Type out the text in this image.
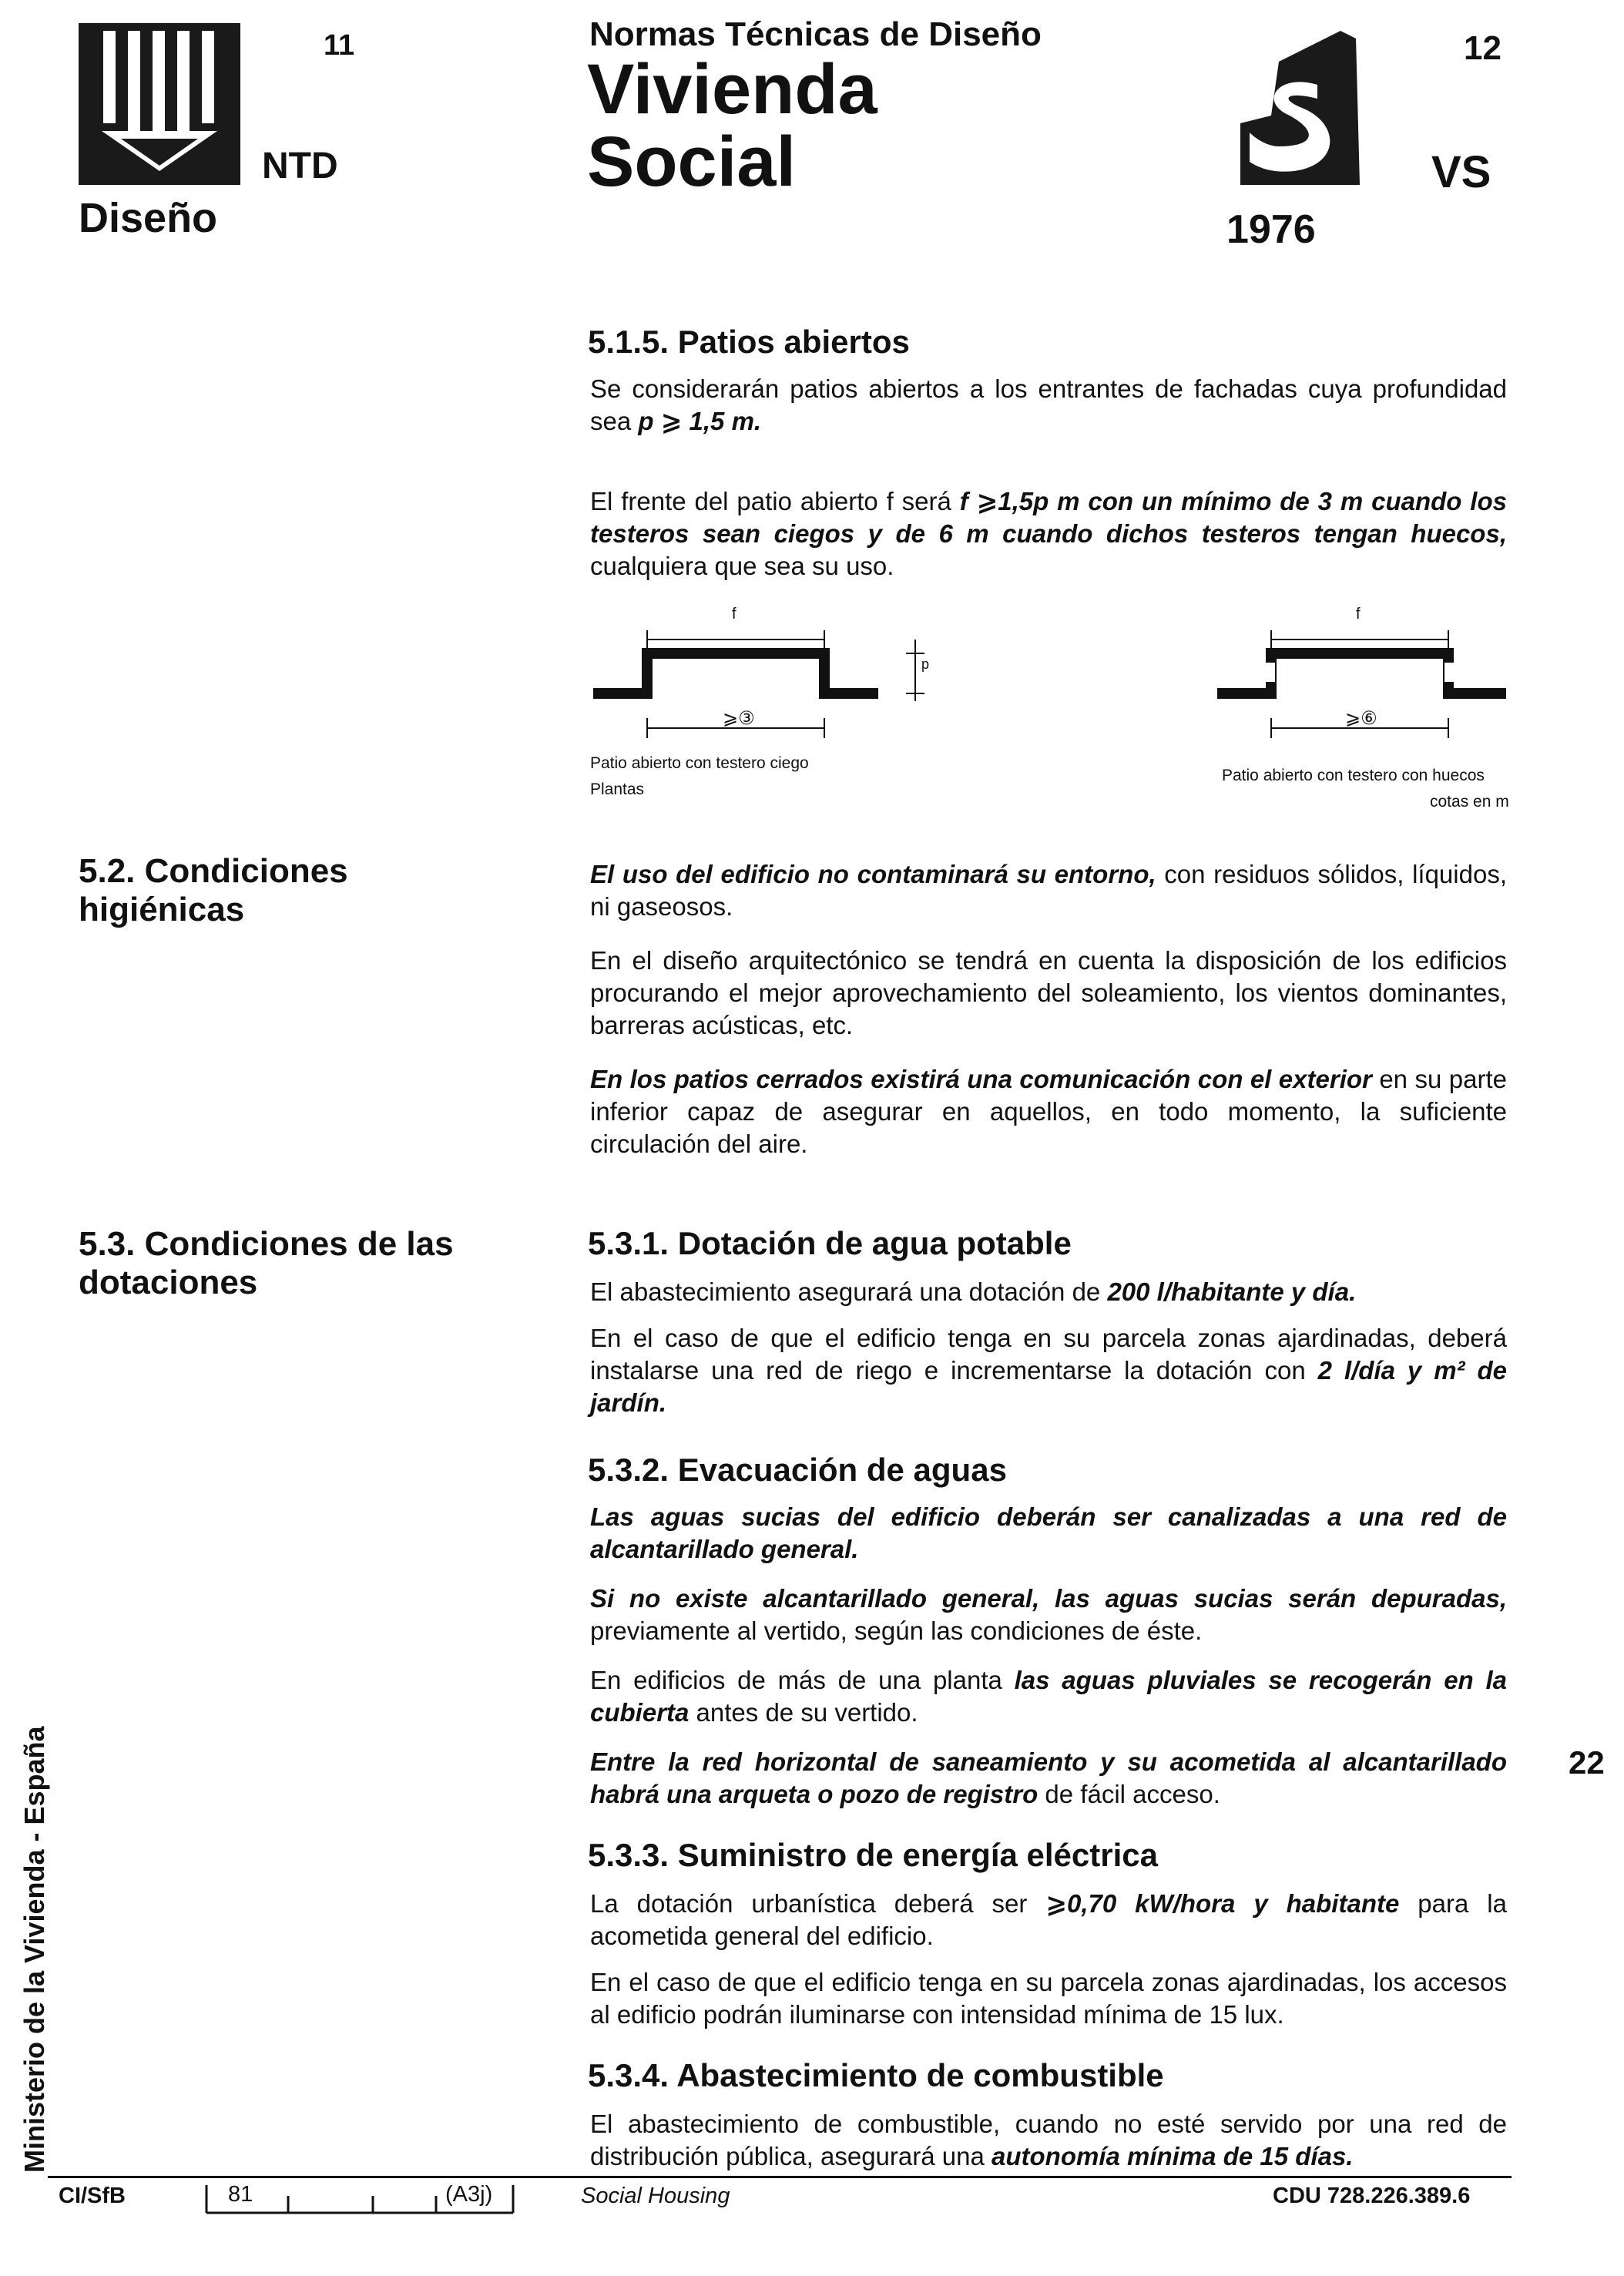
11
NTD
Diseño
Normas Técnicas de Diseño
Vivienda
Social
12
VS
1976
5.1.5. Patios abiertos

Se considerarán patios abiertos a los entrantes de fachadas cuya profundidad sea p ⩾ 1,5 m.

El frente del patio abierto f será f ⩾1,5p m con un mínimo de 3 m cuando los testeros sean ciegos y de 6 m cuando dichos testeros tengan huecos, cualquiera que sea su uso.

f
⩾③
p
f
⩾⑥
Patio abierto con testero ciego
Plantas
Patio abierto con testero con huecos
cotas en m
5.2. Condiciones higiénicas

El uso del edificio no contaminará su entorno, con residuos sólidos, líquidos, ni gaseosos.

En el diseño arquitectónico se tendrá en cuenta la disposición de los edificios procurando el mejor aprovechamiento del soleamiento, los vientos dominantes, barreras acústicas, etc.

En los patios cerrados existirá una comunicación con el exterior en su parte inferior capaz de asegurar en aquellos, en todo momento, la suficiente circulación del aire.

5.3. Condiciones de las dotaciones
5.3.1. Dotación de agua potable

El abastecimiento asegurará una dotación de 200 l/habitante y día.

En el caso de que el edificio tenga en su parcela zonas ajardinadas, deberá instalarse una red de riego e incrementarse la dotación con 2 l/día y m² de jardín.

5.3.2. Evacuación de aguas

Las aguas sucias del edificio deberán ser canalizadas a una red de alcantarillado general.

Si no existe alcantarillado general, las aguas sucias serán depuradas, previamente al vertido, según las condiciones de éste.

En edificios de más de una planta las aguas pluviales se recogerán en la cubierta antes de su vertido.

Entre la red horizontal de saneamiento y su acometida al alcantarillado habrá una arqueta o pozo de registro de fácil acceso.

5.3.3. Suministro de energía eléctrica

La dotación urbanística deberá ser ⩾0,70 kW/hora y habitante para la acometida general del edificio.

En el caso de que el edificio tenga en su parcela zonas ajardinadas, los accesos al edificio podrán iluminarse con intensidad mínima de 15 lux.

5.3.4. Abastecimiento de combustible

El abastecimiento de combustible, cuando no esté servido por una red de distribución pública, asegurará una autonomía mínima de 15 días.

22
Ministerio de la Vivienda - España
CI/SfB	81	(A3j)	Social Housing	CDU 728.226.389.6
